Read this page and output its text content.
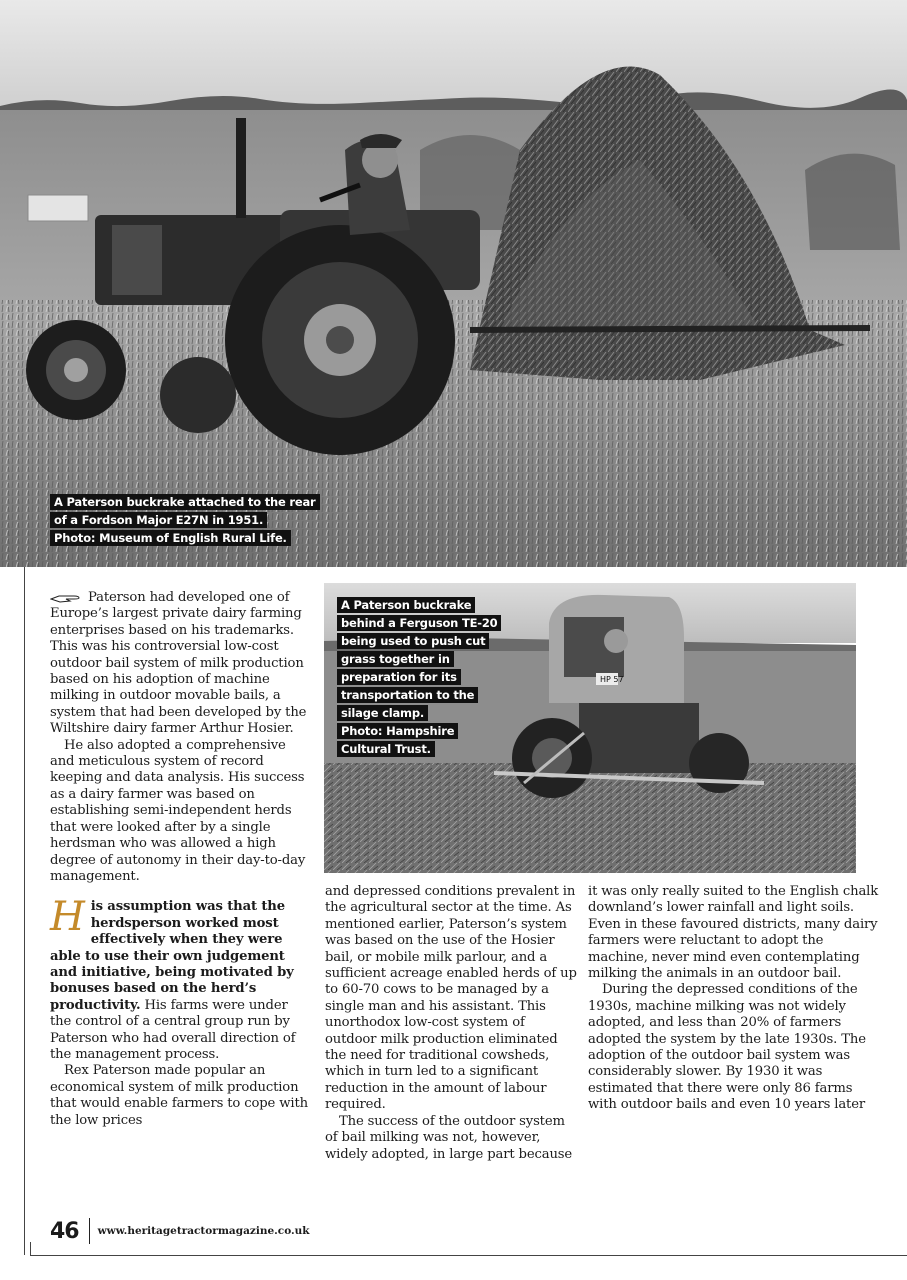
A Paterson buckrake attached to the rear
of a Fordson Major E27N in 1951.
Photo: Museum of English Rural Life.
HP 57
A Paterson buckrake
behind a Ferguson TE-20
being used to push cut
grass together in
preparation for its
transportation to the
silage clamp.
Photo: Hampshire
Cultural Trust.

Paterson had developed one of Europe’s largest private dairy farming enterprises based on his trademarks. This was his controversial low-cost outdoor bail system of milk production based on his adoption of machine milking in outdoor movable bails, a system that had been developed by the Wiltshire dairy farmer Arthur Hosier.

He also adopted a comprehensive and meticulous system of record keeping and data analysis. His success as a dairy farmer was based on establishing semi-independent herds that were looked after by a single herdsman who was allowed a high degree of autonomy in their day-to-day management.

His assumption was that the herdsperson worked most effectively when they were able to use their own judgement and initiative, being motivated by bonuses based on the herd’s productivity. His farms were under the control of a central group run by Paterson who had overall direction of the management process.

Rex Paterson made popular an economical system of milk production that would enable farmers to cope with the low prices

and depressed conditions prevalent in the agricultural sector at the time. As mentioned earlier, Paterson’s system was based on the use of the Hosier bail, or mobile milk parlour, and a sufficient acreage enabled herds of up to 60-70 cows to be managed by a single man and his assistant. This unorthodox low-cost system of outdoor milk production eliminated the need for traditional cowsheds, which in turn led to a significant reduction in the amount of labour required.

The success of the outdoor system of bail milking was not, however, widely adopted, in large part because

it was only really suited to the English chalk downland’s lower rainfall and light soils. Even in these favoured districts, many dairy farmers were reluctant to adopt the machine, never mind even contemplating milking the animals in an outdoor bail.

During the depressed conditions of the 1930s, machine milking was not widely adopted, and less than 20% of farmers adopted the system by the late 1930s. The adoption of the outdoor bail system was considerably slower. By 1930 it was estimated that there were only 86 farms with outdoor bails and even 10 years later

46 www.heritagetractormagazine.co.uk
